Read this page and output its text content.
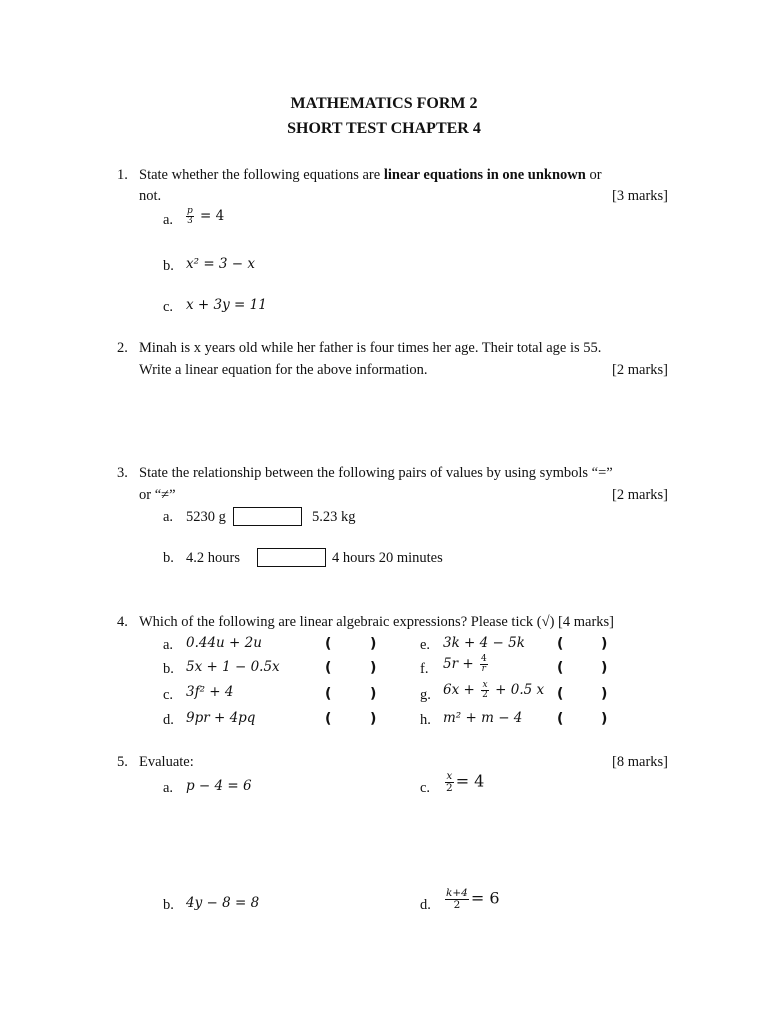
MATHEMATICS FORM 2
SHORT TEST CHAPTER 4
1. State whether the following equations are linear equations in one unknown or
not.	[3 marks]
a. $\frac{p}{3} = 4$
b. x² = 3 − x
c. x + 3y = 11
2. Minah is x years old while her father is four times her age. Their total age is 55.
Write a linear equation for the above information.	[2 marks]
3. State the relationship between the following pairs of values by using symbols “=”
or “≠”	[2 marks]
a. 5230 g	5.23 kg
b. 4.2 hours	4 hours 20 minutes
4. Which of the following are linear algebraic expressions? Please tick (√) [4 marks]
a. 0.44u + 2u	(	)
b. 5x + 1 − 0.5x	(	)
c. 3f² + 4	(	)
d. 9pr + 4pq	(	)
e. 3k + 4 − 5k (	)
f. $5r + \frac{4}{r}$	(	)
g. $6x + \frac{x}{2} + 0.5$ x (	)
h. m² + m − 4 (	)
5. Evaluate:	[8 marks]
a. p − 4 = 6	c. $\frac{x}{2} = 4$
b. 4y − 8 = 8	d. $\frac{k+4}{2} = 6$
